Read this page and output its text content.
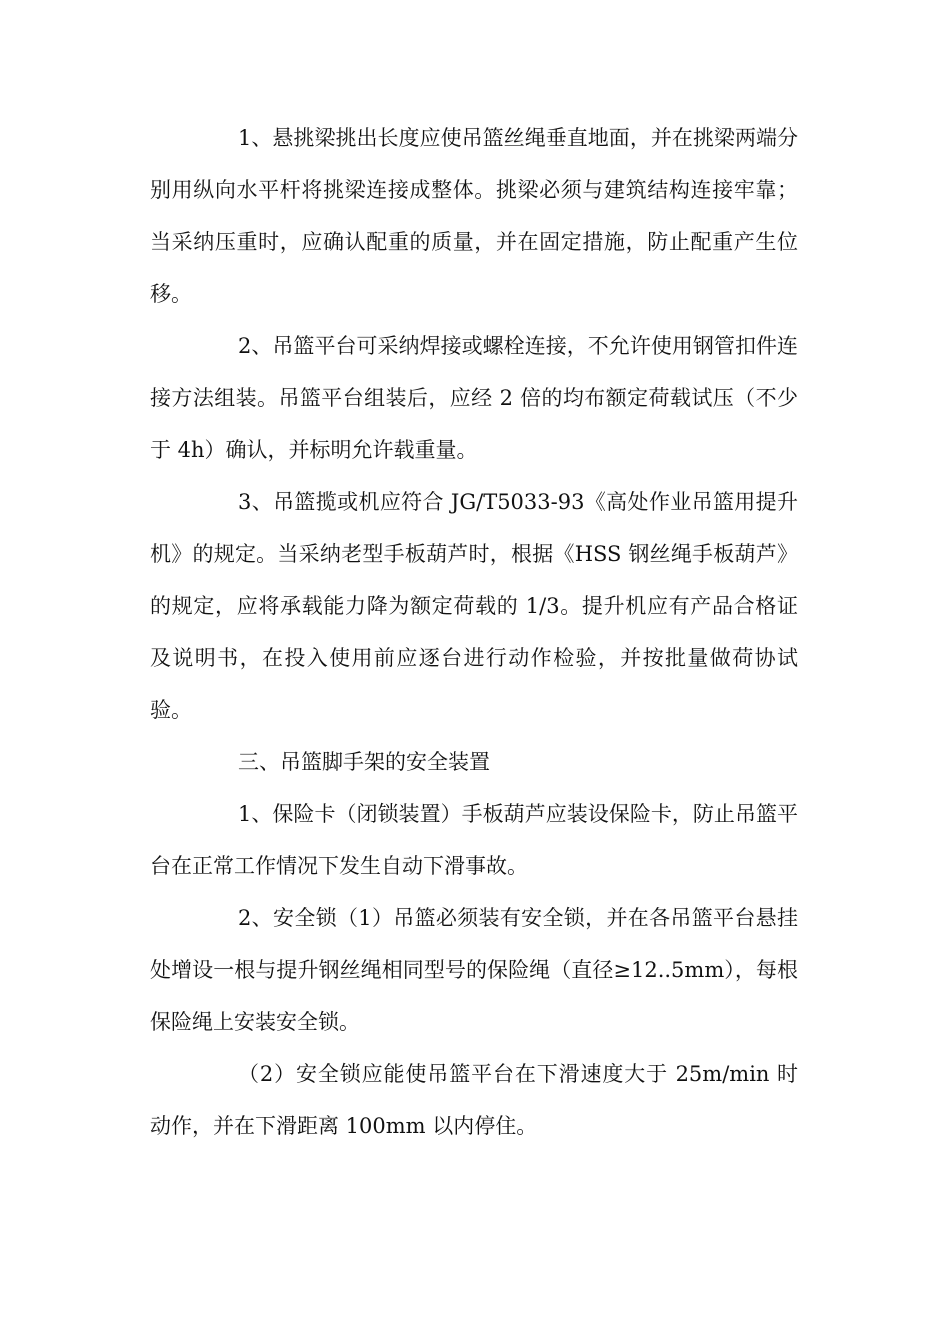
1、悬挑梁挑出长度应使吊篮丝绳垂直地面，并在挑梁两端分别用纵向水平杆将挑梁连接成整体。挑梁必须与建筑结构连接牢靠；当采纳压重时，应确认配重的质量，并在固定措施，防止配重产生位移。

2、吊篮平台可采纳焊接或螺栓连接，不允许使用钢管扣件连接方法组装。吊篮平台组装后，应经 2 倍的均布额定荷载试压（不少于 4h）确认，并标明允许载重量。

3、吊篮揽或机应符合 JG/T5033-93《高处作业吊篮用提升机》的规定。当采纳老型手板葫芦时，根据《HSS 钢丝绳手板葫芦》的规定，应将承载能力降为额定荷载的 1/3。提升机应有产品合格证及说明书，在投入使用前应逐台进行动作检验，并按批量做荷协试验。

三、吊篮脚手架的安全装置

1、保险卡（闭锁装置）手板葫芦应装设保险卡，防止吊篮平台在正常工作情况下发生自动下滑事故。

2、安全锁（1）吊篮必须装有安全锁，并在各吊篮平台悬挂处增设一根与提升钢丝绳相同型号的保险绳（直径≥12..5mm），每根保险绳上安装安全锁。

（2）安全锁应能使吊篮平台在下滑速度大于 25m/min 时动作，并在下滑距离 100mm 以内停住。
